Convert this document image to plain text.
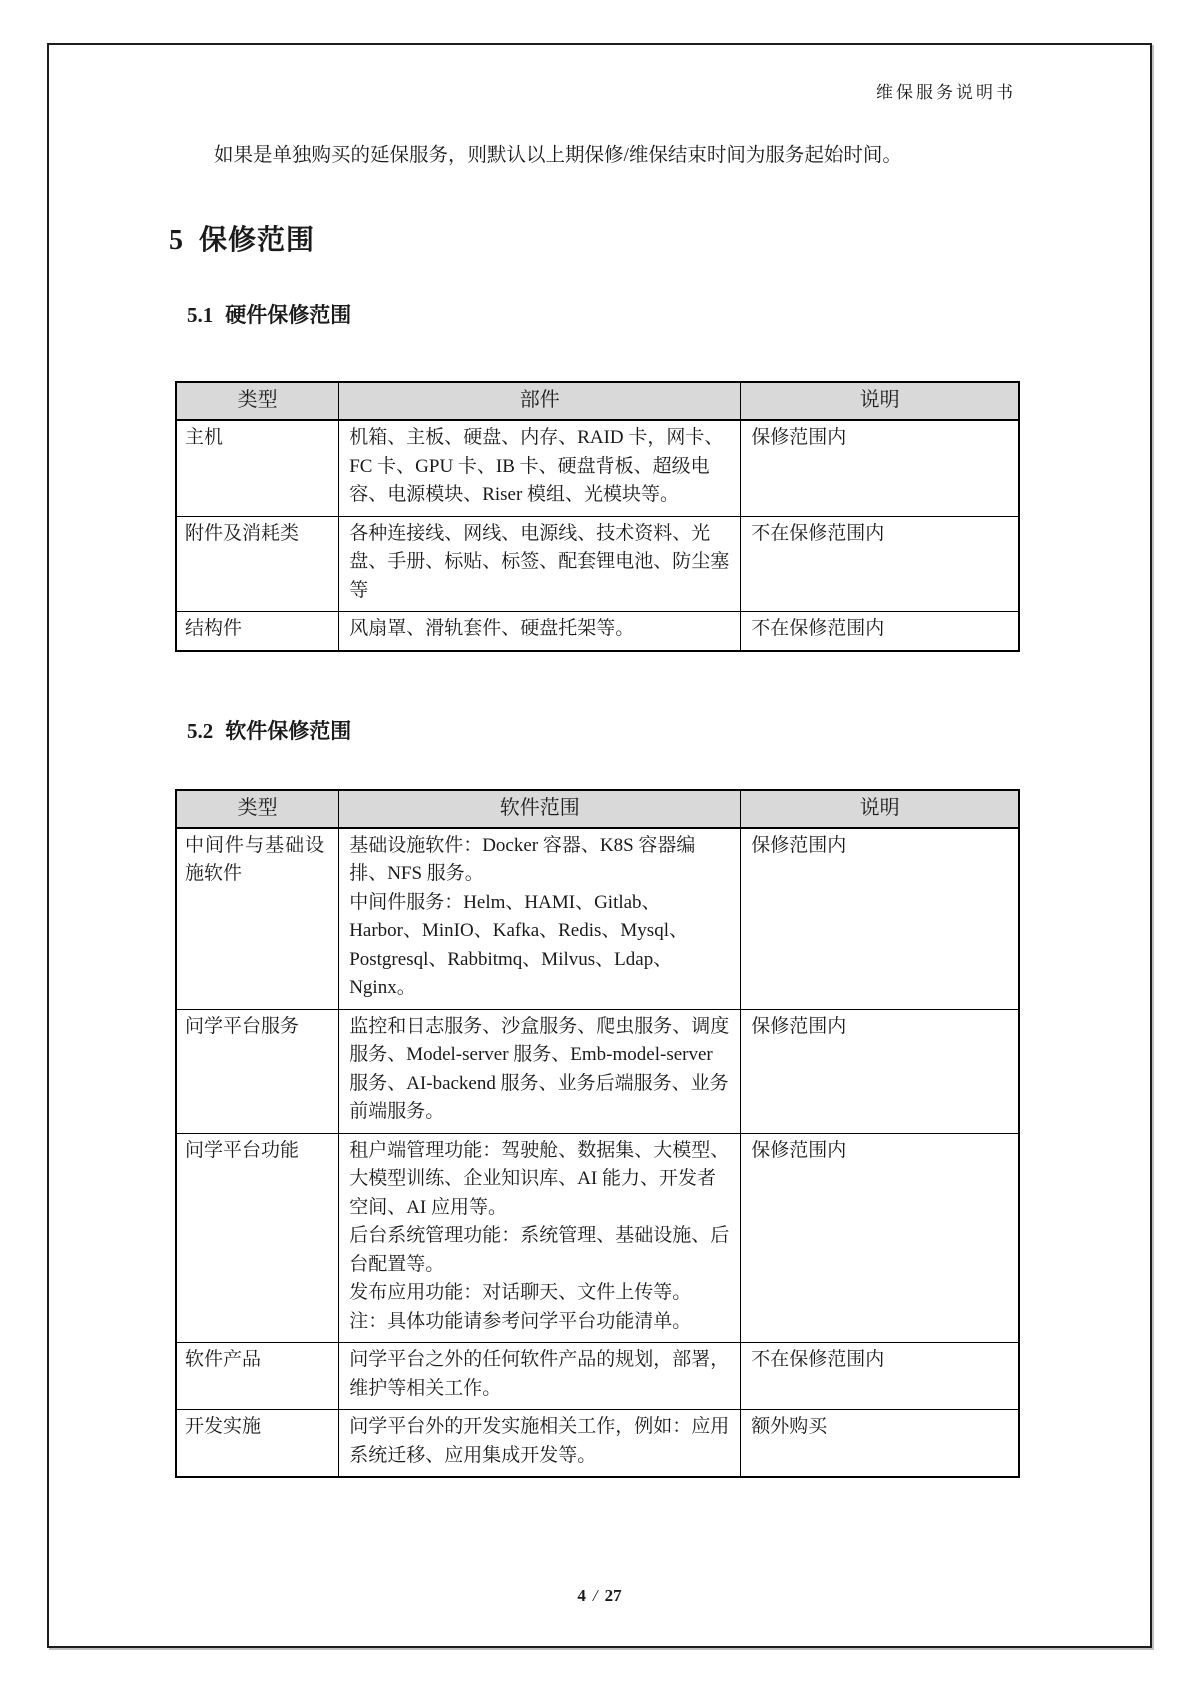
维保服务说明书

如果是单独购买的延保服务，则默认以上期保修/维保结束时间为服务起始时间。

5 保修范围
5.1 硬件保修范围
类型	部件	说明
主机	机箱、主板、硬盘、内存、RAID 卡，网卡、FC 卡、GPU 卡、IB 卡、硬盘背板、超级电容、电源模块、Riser 模组、光模块等。	保修范围内
附件及消耗类	各种连接线、网线、电源线、技术资料、光盘、手册、标贴、标签、配套锂电池、防尘塞等	不在保修范围内
结构件	风扇罩、滑轨套件、硬盘托架等。	不在保修范围内
5.2 软件保修范围
类型	软件范围	说明
中间件与基础设施软件	基础设施软件：Docker 容器、K8S 容器编排、NFS 服务。

中间件服务：Helm、HAMI、Gitlab、Harbor、MinIO、Kafka、Redis、Mysql、Postgresql、Rabbitmq、Milvus、Ldap、Nginx。	保修范围内
问学平台服务	监控和日志服务、沙盒服务、爬虫服务、调度服务、Model-server 服务、Emb-model-server 服务、AI-backend 服务、业务后端服务、业务前端服务。	保修范围内
问学平台功能	租户端管理功能：驾驶舱、数据集、大模型、大模型训练、企业知识库、AI 能力、开发者空间、AI 应用等。

后台系统管理功能：系统管理、基础设施、后台配置等。

发布应用功能：对话聊天、文件上传等。

注：具体功能请参考问学平台功能清单。	保修范围内
软件产品	问学平台之外的任何软件产品的规划，部署，维护等相关工作。	不在保修范围内
开发实施	问学平台外的开发实施相关工作，例如：应用系统迁移、应用集成开发等。	额外购买
4 / 27
